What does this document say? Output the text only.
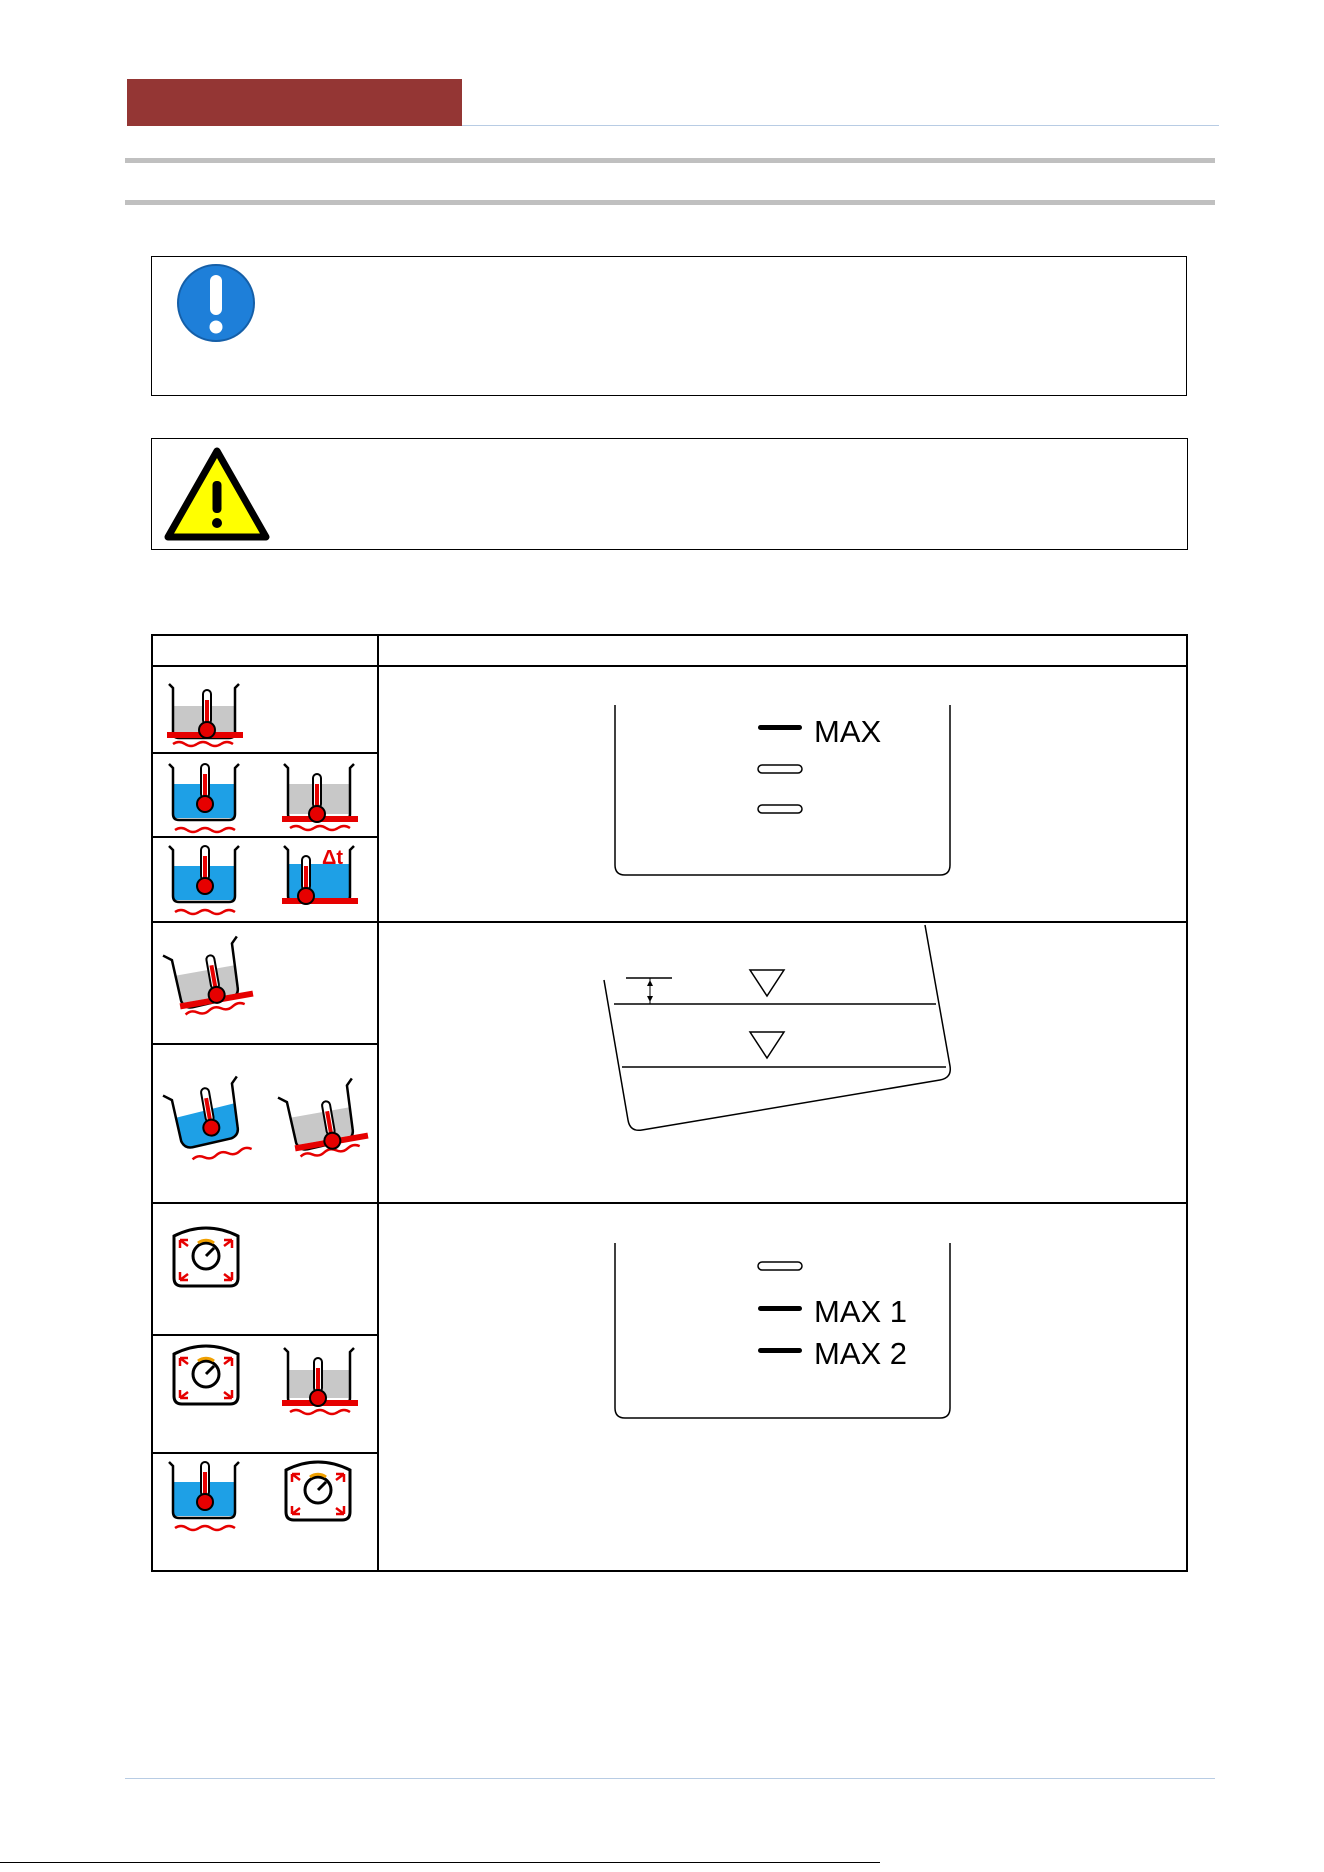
Δt
MAX
MAX 1
MAX 2
